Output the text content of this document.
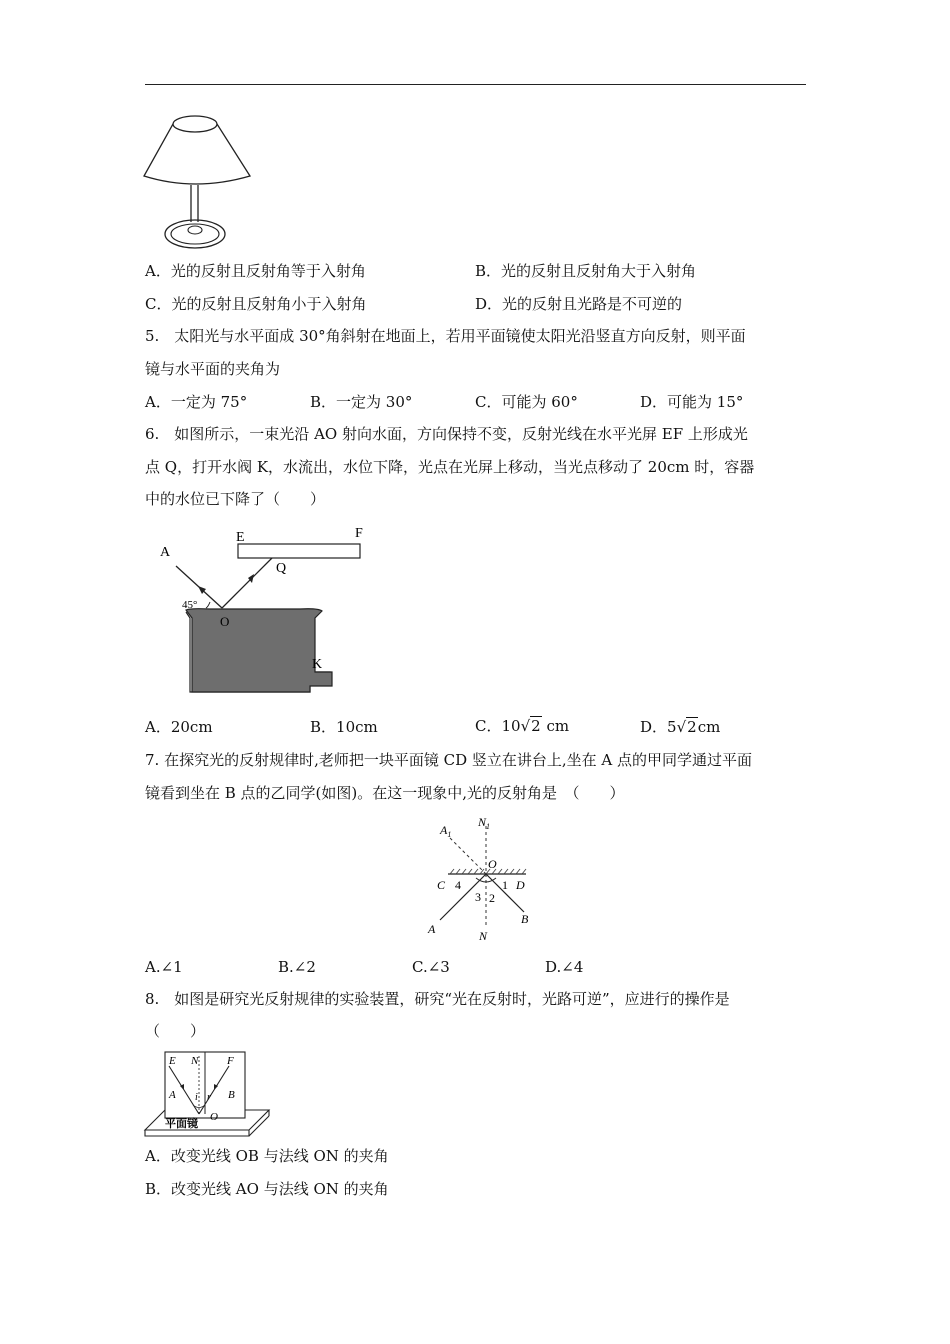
A．光的反射且反射角等于入射角	B．光的反射且反射角大于入射角
C．光的反射且反射角小于入射角	D．光的反射且光路是不可逆的
5.　太阳光与水平面成 30°角斜射在地面上，若用平面镜使太阳光沿竖直方向反射，则平面
镜与水平面的夹角为
A．一定为 75°	B．一定为 30°	C．可能为 60°	D．可能为 15°
6.　如图所示，一束光沿 AO 射向水面，方向保持不变，反射光线在水平光屏 EF 上形成光
点 Q，打开水阀 K，水流出，水位下降，光点在光屏上移动，当光点移动了 20cm 时，容器
中的水位已下降了（　　）
E	F
A
Q
45°
O
K
A．20cm	B．10cm	C．10√2 cm	D．5√2cm
7. 在探究光的反射规律时,老师把一块平面镜 CD 竖立在讲台上,坐在 A 点的甲同学通过平面
镜看到坐在 B 点的乙同学(如图)。在这一现象中,光的反射角是　（　　）
$A_1$
$N_1$
O
C	D
4	1
3 2
A
B
N
A.∠1	B.∠2	C.∠3	D.∠4
8.　如图是研究光反射规律的实验装置，研究“光在反射时，光路可逆”，应进行的操作是
（　　）
E N	F
A i r B
O
平面镜
A．改变光线 OB 与法线 ON 的夹角
B．改变光线 AO 与法线 ON 的夹角
